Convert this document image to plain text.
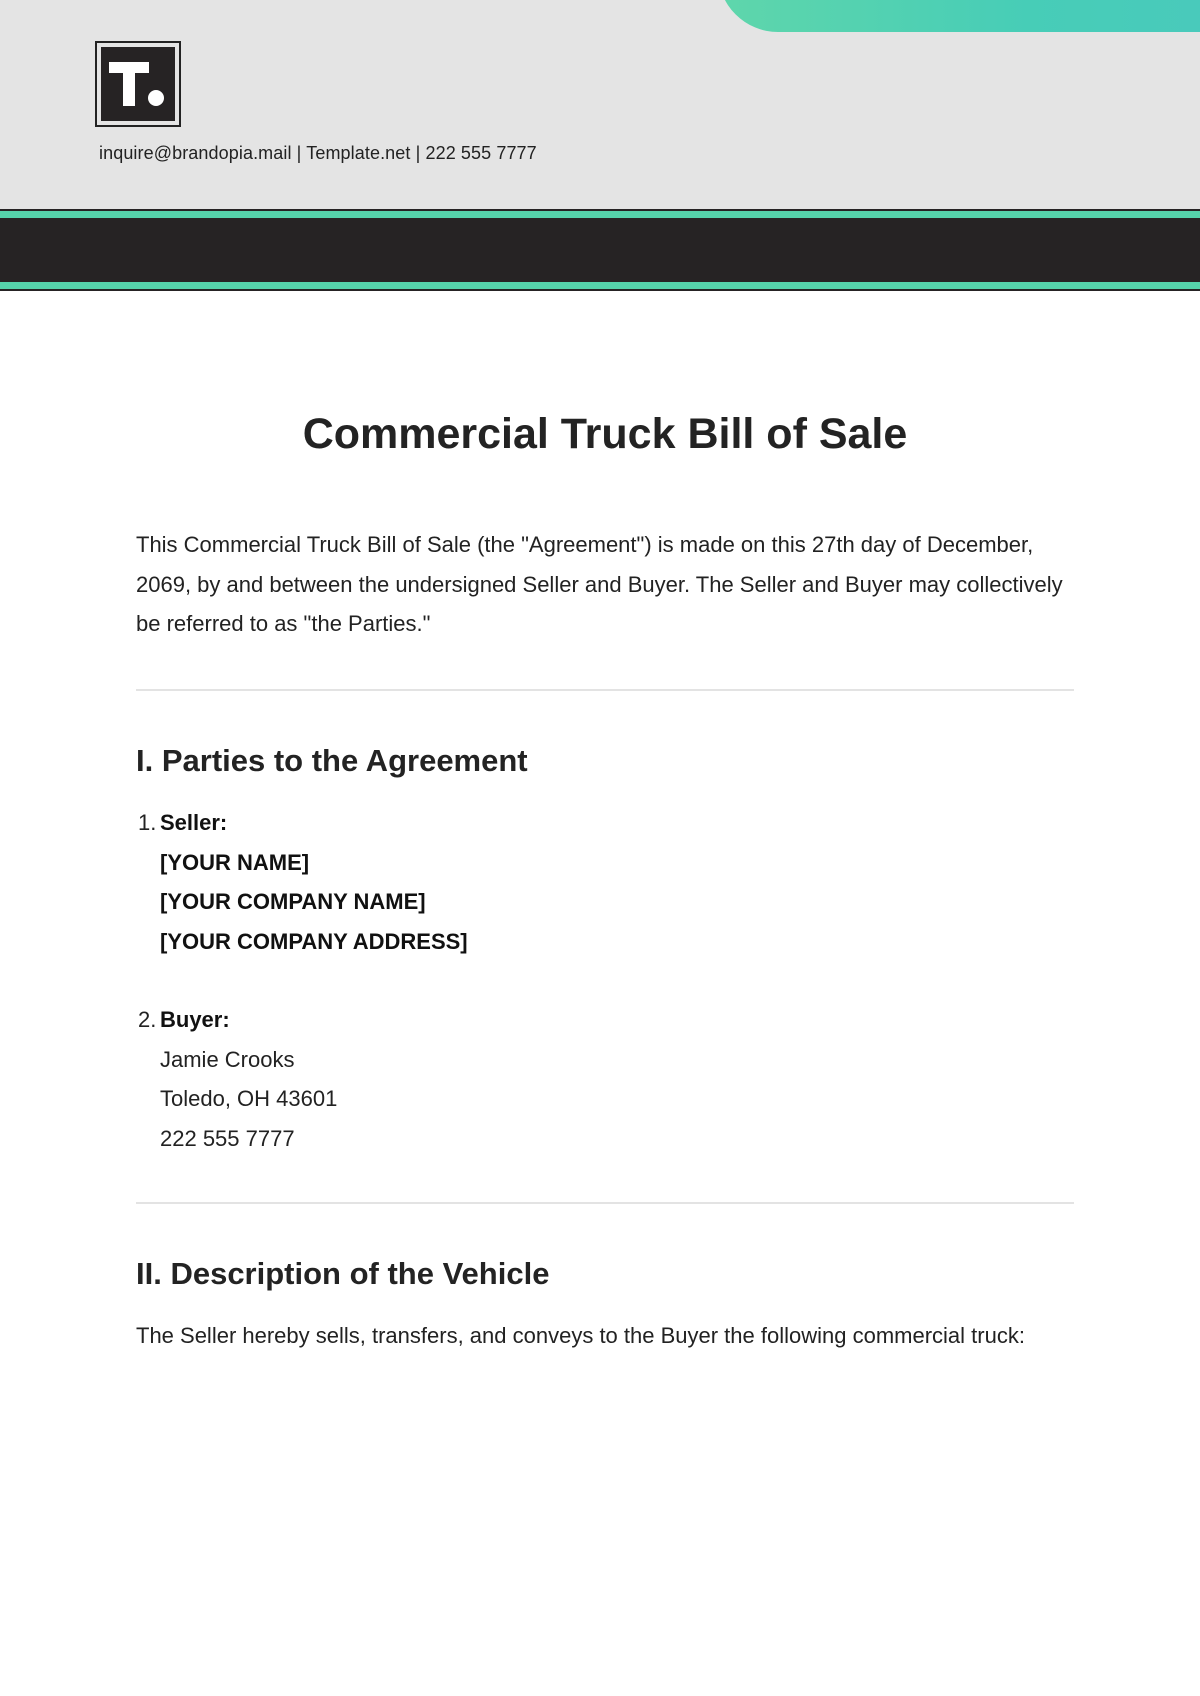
inquire@brandopia.mail | Template.net | 222 555 7777
Commercial Truck Bill of Sale

This Commercial Truck Bill of Sale (the "Agreement") is made on this 27th day of December, 2069, by and between the undersigned Seller and Buyer. The Seller and Buyer may collectively be referred to as "the Parties."

I. Parties to the Agreement
1. Seller:
[YOUR NAME]
[YOUR COMPANY NAME]
[YOUR COMPANY ADDRESS]
2. Buyer:
Jamie Crooks
Toledo, OH 43601
222 555 7777
II. Description of the Vehicle

The Seller hereby sells, transfers, and conveys to the Buyer the following commercial truck:
